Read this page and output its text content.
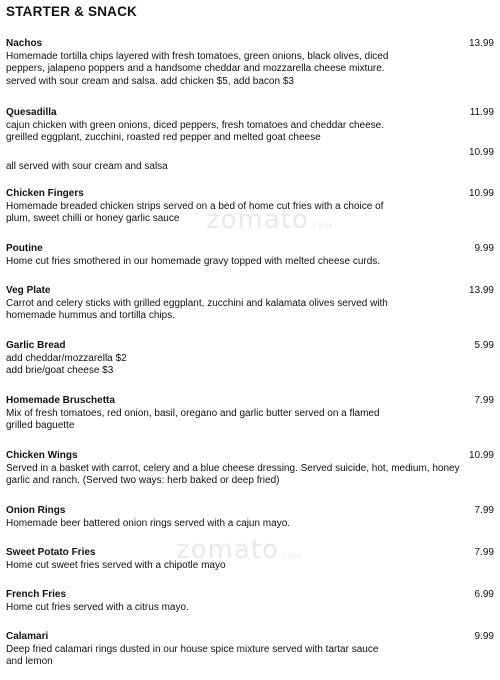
STARTER & SNACK
zomato.com
zomato.com
Nachos	13.99
Homemade tortilla chips layered with fresh tomatoes, green onions, black olives, diced
peppers, jalapeno poppers and a handsome cheddar and mozzarella cheese mixture.
served with sour cream and salsa. add chicken $5, add bacon $3
Quesadilla	11.99
cajun chicken with green onions, diced peppers, fresh tomatoes and cheddar cheese.
greilled eggplant, zucchini, roasted red pepper and melted goat cheese
10.99
all served with sour cream and salsa
Chicken Fingers	10.99
Homemade breaded chicken strips served on a bed of home cut fries with a choice of
plum, sweet chilli or honey garlic sauce
Poutine	9.99
Home cut fries smothered in our homemade gravy topped with melted cheese curds.
Veg Plate	13.99
Carrot and celery sticks with grilled eggplant, zucchini and kalamata olives served with
homemade hummus and tortilla chips.
Garlic Bread	5.99
add cheddar/mozzarella $2
add brie/goat cheese $3
Homemade Bruschetta	7.99
Mix of fresh tomatoes, red onion, basil, oregano and garlic butter served on a flamed
grilled baguette
Chicken Wings	10.99
Served in a basket with carrot, celery and a blue cheese dressing. Served suicide, hot, medium, honey
garlic and ranch. (Served two ways: herb baked or deep fried)
Onion Rings	7.99
Homemade beer battered onion rings served with a cajun mayo.
Sweet Potato Fries	7.99
Home cut sweet fries served with a chipotle mayo
French Fries	6.99
Home cut fries served with a citrus mayo.
Calamari	9.99
Deep fried calamari rings dusted in our house spice mixture served with tartar sauce
and lemon
